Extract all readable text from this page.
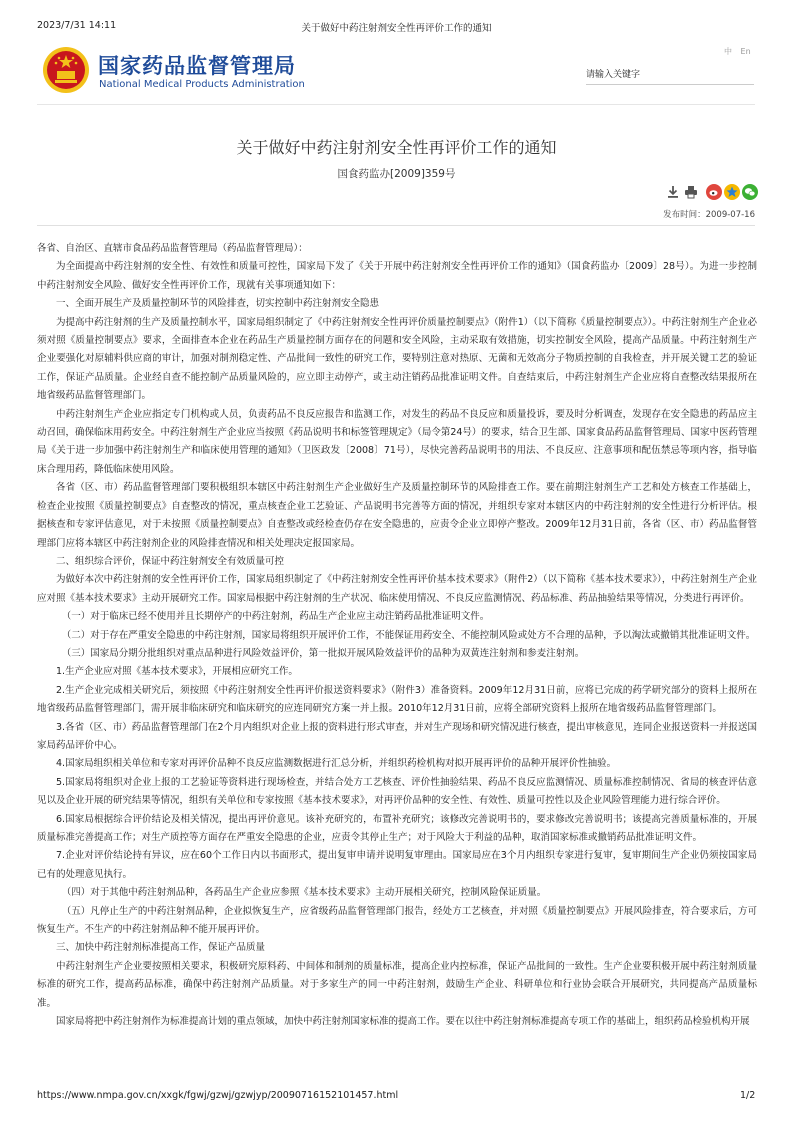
2023/7/31 14:11	关于做好中药注射剂安全性再评价工作的通知
国家药品监督管理局
National Medical Products Administration
中 En
请输入关键字
关于做好中药注射剂安全性再评价工作的通知
国食药监办[2009]359号
发布时间：2009-07-16

各省、自治区、直辖市食品药品监督管理局（药品监督管理局）：

为全面提高中药注射剂的安全性、有效性和质量可控性，国家局下发了《关于开展中药注射剂安全性再评价工作的通知》（国食药监办〔2009〕28号）。为进一步控制中药注射剂安全风险、做好安全性再评价工作，现就有关事项通知如下：

一、全面开展生产及质量控制环节的风险排查，切实控制中药注射剂安全隐患

为提高中药注射剂的生产及质量控制水平，国家局组织制定了《中药注射剂安全性再评价质量控制要点》（附件1）（以下简称《质量控制要点》）。中药注射剂生产企业必须对照《质量控制要点》要求，全面排查本企业在药品生产质量控制方面存在的问题和安全风险，主动采取有效措施，切实控制安全风险，提高产品质量。中药注射剂生产企业要强化对原辅料供应商的审计，加强对制剂稳定性、产品批间一致性的研究工作，要特别注意对热原、无菌和无效高分子物质控制的自我检查，并开展关键工艺的验证工作，保证产品质量。企业经自查不能控制产品质量风险的，应立即主动停产，或主动注销药品批准证明文件。自查结束后，中药注射剂生产企业应将自查整改结果报所在地省级药品监督管理部门。

中药注射剂生产企业应指定专门机构或人员，负责药品不良反应报告和监测工作，对发生的药品不良反应和质量投诉，要及时分析调查，发现存在安全隐患的药品应主动召回，确保临床用药安全。中药注射剂生产企业应当按照《药品说明书和标签管理规定》（局令第24号）的要求，结合卫生部、国家食品药品监督管理局、国家中医药管理局《关于进一步加强中药注射剂生产和临床使用管理的通知》（卫医政发〔2008〕71号），尽快完善药品说明书的用法、不良反应、注意事项和配伍禁忌等项内容，指导临床合理用药，降低临床使用风险。

各省（区、市）药品监督管理部门要积极组织本辖区中药注射剂生产企业做好生产及质量控制环节的风险排查工作。要在前期注射剂生产工艺和处方核查工作基础上，检查企业按照《质量控制要点》自查整改的情况，重点核查企业工艺验证、产品说明书完善等方面的情况，并组织专家对本辖区内的中药注射剂的安全性进行分析评估。根据核查和专家评估意见，对于未按照《质量控制要点》自查整改或经检查仍存在安全隐患的，应责令企业立即停产整改。2009年12月31日前，各省（区、市）药品监督管理部门应将本辖区中药注射剂企业的风险排查情况和相关处理决定报国家局。

二、组织综合评价，保证中药注射剂安全有效质量可控

为做好本次中药注射剂的安全性再评价工作，国家局组织制定了《中药注射剂安全性再评价基本技术要求》（附件2）（以下简称《基本技术要求》），中药注射剂生产企业应对照《基本技术要求》主动开展研究工作。国家局根据中药注射剂的生产状况、临床使用情况、不良反应监测情况、药品标准、药品抽验结果等情况，分类进行再评价。

（一）对于临床已经不使用并且长期停产的中药注射剂，药品生产企业应主动注销药品批准证明文件。

（二）对于存在严重安全隐患的中药注射剂，国家局将组织开展评价工作，不能保证用药安全、不能控制风险或处方不合理的品种，予以淘汰或撤销其批准证明文件。

（三）国家局分期分批组织对重点品种进行风险效益评价，第一批拟开展风险效益评价的品种为双黄连注射剂和参麦注射剂。

1.生产企业应对照《基本技术要求》，开展相应研究工作。

2.生产企业完成相关研究后，须按照《中药注射剂安全性再评价报送资料要求》（附件3）准备资料。2009年12月31日前，应将已完成的药学研究部分的资料上报所在地省级药品监督管理部门，需开展非临床研究和临床研究的应连同研究方案一并上报。2010年12月31日前，应将全部研究资料上报所在地省级药品监督管理部门。

3.各省（区、市）药品监督管理部门在2个月内组织对企业上报的资料进行形式审查，并对生产现场和研究情况进行核查，提出审核意见，连同企业报送资料一并报送国家局药品评价中心。

4.国家局组织相关单位和专家对再评价品种不良反应监测数据进行汇总分析，并组织药检机构对拟开展再评价的品种开展评价性抽验。

5.国家局将组织对企业上报的工艺验证等资料进行现场检查，并结合处方工艺核查、评价性抽验结果、药品不良反应监测情况、质量标准控制情况、省局的核查评估意见以及企业开展的研究结果等情况，组织有关单位和专家按照《基本技术要求》，对再评价品种的安全性、有效性、质量可控性以及企业风险管理能力进行综合评价。

6.国家局根据综合评价结论及相关情况，提出再评价意见。该补充研究的，布置补充研究；该修改完善说明书的，要求修改完善说明书；该提高完善质量标准的，开展质量标准完善提高工作；对生产质控等方面存在严重安全隐患的企业，应责令其停止生产；对于风险大于利益的品种，取消国家标准或撤销药品批准证明文件。

7.企业对评价结论持有异议，应在60个工作日内以书面形式，提出复审申请并说明复审理由。国家局应在3个月内组织专家进行复审，复审期间生产企业仍须按国家局已有的处理意见执行。

（四）对于其他中药注射剂品种，各药品生产企业应参照《基本技术要求》主动开展相关研究，控制风险保证质量。

（五）凡停止生产的中药注射剂品种，企业拟恢复生产，应省级药品监督管理部门报告，经处方工艺核查，并对照《质量控制要点》开展风险排查，符合要求后，方可恢复生产。不生产的中药注射剂品种不能开展再评价。

三、加快中药注射剂标准提高工作，保证产品质量

中药注射剂生产企业要按照相关要求，积极研究原料药、中间体和制剂的质量标准，提高企业内控标准，保证产品批间的一致性。生产企业要积极开展中药注射剂质量标准的研究工作，提高药品标准，确保中药注射剂产品质量。对于多家生产的同一中药注射剂，鼓励生产企业、科研单位和行业协会联合开展研究，共同提高产品质量标准。

国家局将把中药注射剂作为标准提高计划的重点领域，加快中药注射剂国家标准的提高工作。要在以往中药注射剂标准提高专项工作的基础上，组织药品检验机构开展

https://www.nmpa.gov.cn/xxgk/fgwj/gzwj/gzwjyp/20090716152101457.html	1/2
